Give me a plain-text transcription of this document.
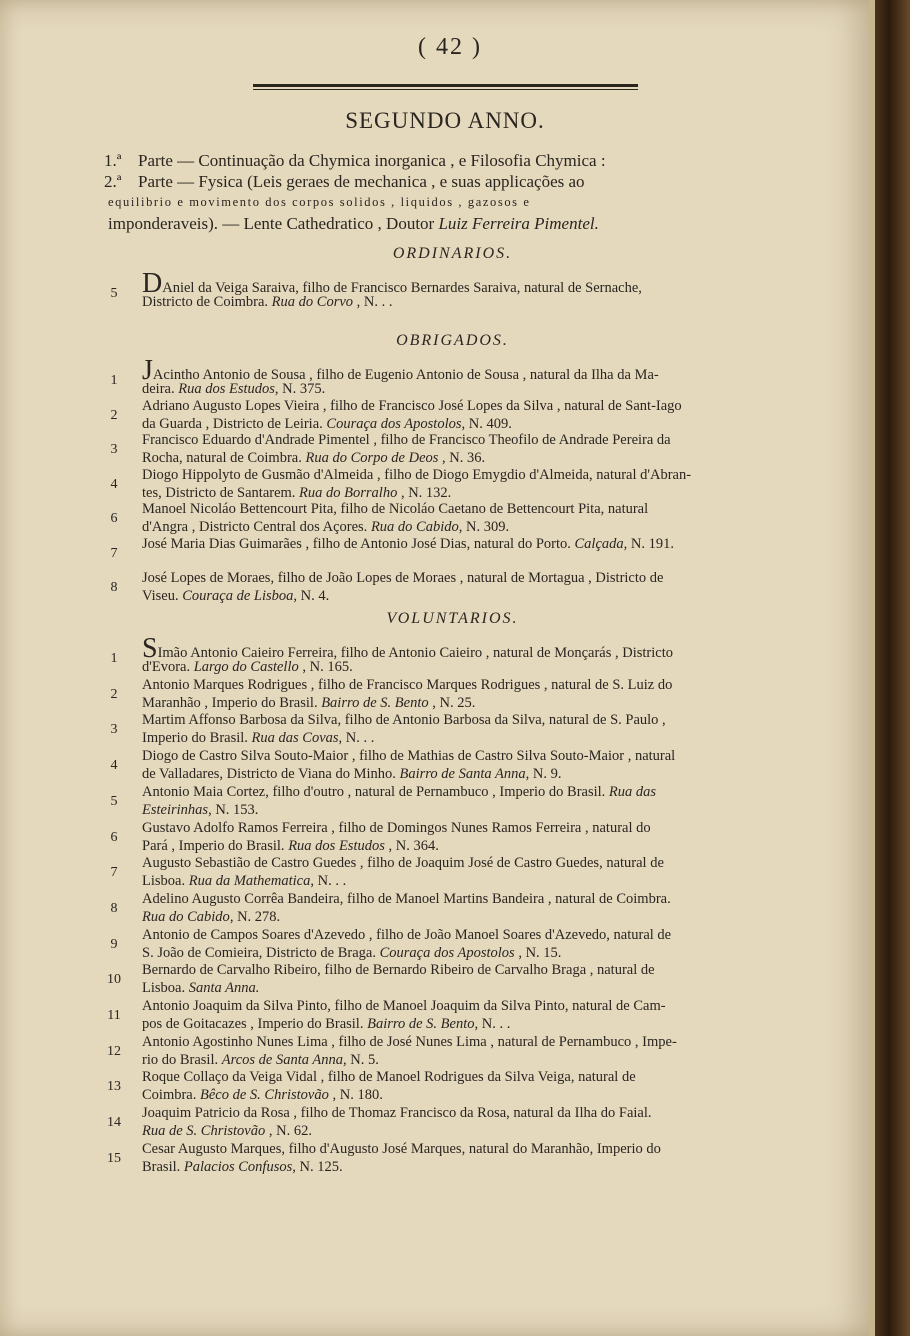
( 42 )
SEGUNDO ANNO.
1.ª Parte — Continuação da Chymica inorganica , e Filosofia Chymica :
2.ª Parte — Fysica (Leis geraes de mechanica , e suas applicações ao
equilibrio e movimento dos corpos solidos , liquidos , gazosos e
imponderaveis). — Lente Cathedratico , Doutor Luiz Ferreira Pimentel.
ORDINARIOS.
5 DAniel da Veiga Saraiva, filho de Francisco Bernardes Saraiva, natural de Sernache,
Districto de Coimbra. Rua do Corvo , N. . .
OBRIGADOS.
1 JAcintho Antonio de Sousa , filho de Eugenio Antonio de Sousa , natural da Ilha da Ma-
deira. Rua dos Estudos, N. 375.
2
Adriano Augusto Lopes Vieira , filho de Francisco José Lopes da Silva , natural de Sant-Iago
da Guarda , Districto de Leiria. Couraça dos Apostolos, N. 409.
3
Francisco Eduardo d'Andrade Pimentel , filho de Francisco Theofilo de Andrade Pereira da
Rocha, natural de Coimbra. Rua do Corpo de Deos , N. 36.
4
Diogo Hippolyto de Gusmão d'Almeida , filho de Diogo Emygdio d'Almeida, natural d'Abran-
tes, Districto de Santarem. Rua do Borralho , N. 132.
6
Manoel Nicoláo Bettencourt Pita, filho de Nicoláo Caetano de Bettencourt Pita, natural
d'Angra , Districto Central dos Açores. Rua do Cabido, N. 309.
7
José Maria Dias Guimarães , filho de Antonio José Dias, natural do Porto. Calçada, N. 191.
8
José Lopes de Moraes, filho de João Lopes de Moraes , natural de Mortagua , Districto de
Viseu. Couraça de Lisboa, N. 4.
VOLUNTARIOS.
1 SImão Antonio Caieiro Ferreira, filho de Antonio Caieiro , natural de Monçarás , Districto
d'Evora. Largo do Castello , N. 165.
2
Antonio Marques Rodrigues , filho de Francisco Marques Rodrigues , natural de S. Luiz do
Maranhão , Imperio do Brasil. Bairro de S. Bento , N. 25.
3
Martim Affonso Barbosa da Silva, filho de Antonio Barbosa da Silva, natural de S. Paulo ,
Imperio do Brasil. Rua das Covas, N. . .
4
Diogo de Castro Silva Souto-Maior , filho de Mathias de Castro Silva Souto-Maior , natural
de Valladares, Districto de Viana do Minho. Bairro de Santa Anna, N. 9.
5
Antonio Maia Cortez, filho d'outro , natural de Pernambuco , Imperio do Brasil. Rua das
Esteirinhas, N. 153.
6
Gustavo Adolfo Ramos Ferreira , filho de Domingos Nunes Ramos Ferreira , natural do
Pará , Imperio do Brasil. Rua dos Estudos , N. 364.
7
Augusto Sebastião de Castro Guedes , filho de Joaquim José de Castro Guedes, natural de
Lisboa. Rua da Mathematica, N. . .
8
Adelino Augusto Corrêa Bandeira, filho de Manoel Martins Bandeira , natural de Coimbra.
Rua do Cabido, N. 278.
9
Antonio de Campos Soares d'Azevedo , filho de João Manoel Soares d'Azevedo, natural de
S. João de Comieira, Districto de Braga. Couraça dos Apostolos , N. 15.
10
Bernardo de Carvalho Ribeiro, filho de Bernardo Ribeiro de Carvalho Braga , natural de
Lisboa. Santa Anna.
11
Antonio Joaquim da Silva Pinto, filho de Manoel Joaquim da Silva Pinto, natural de Cam-
pos de Goitacazes , Imperio do Brasil. Bairro de S. Bento, N. . .
12
Antonio Agostinho Nunes Lima , filho de José Nunes Lima , natural de Pernambuco , Impe-
rio do Brasil. Arcos de Santa Anna, N. 5.
13
Roque Collaço da Veiga Vidal , filho de Manoel Rodrigues da Silva Veiga, natural de
Coimbra. Bêco de S. Christovão , N. 180.
14
Joaquim Patricio da Rosa , filho de Thomaz Francisco da Rosa, natural da Ilha do Faial.
Rua de S. Christovão , N. 62.
15
Cesar Augusto Marques, filho d'Augusto José Marques, natural do Maranhão, Imperio do
Brasil. Palacios Confusos, N. 125.
